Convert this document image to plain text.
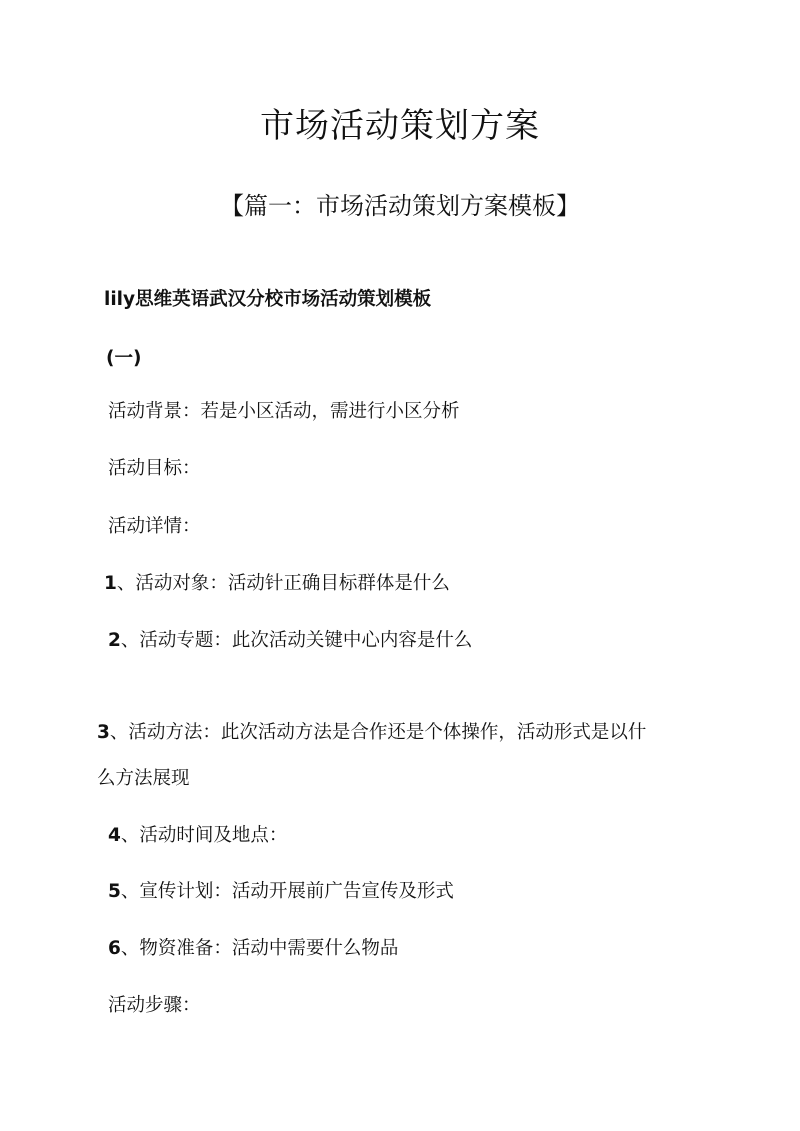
市场活动策划方案
【篇一：市场活动策划方案模板】

lily思维英语武汉分校市场活动策划模板

(一)

活动背景：若是小区活动，需进行小区分析

活动目标：

活动详情：

1、活动对象：活动针正确目标群体是什么

2、活动专题：此次活动关键中心内容是什么

3、活动方法：此次活动方法是合作还是个体操作，活动形式是以什

么方法展现

4、活动时间及地点：

5、宣传计划：活动开展前广告宣传及形式

6、物资准备：活动中需要什么物品

活动步骤：
